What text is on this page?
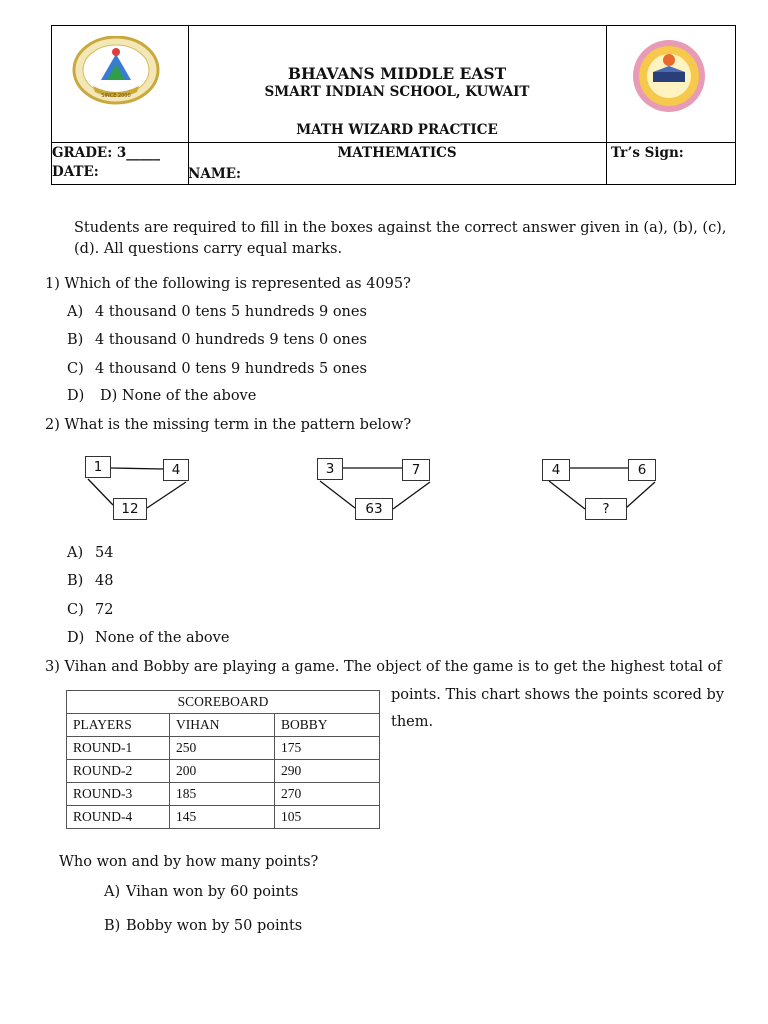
SINCE 2000
BHAVANS MIDDLE EAST
SMART INDIAN SCHOOL, KUWAIT
MATH WIZARD PRACTICE
MATHEMATICS
GRADE: 3_____
DATE:	NAME:
Tr’s Sign:
Students are required to fill in the boxes against the correct answer given in (a), (b), (c),
(d). All questions carry equal marks.
1) Which of the following is represented as 4095?
A) 4 thousand 0 tens 5 hundreds 9 ones
B) 4 thousand 0 hundreds 9 tens 0 ones
C) 4 thousand 0 tens 9 hundreds 5 ones
D) D) None of the above
2) What is the missing term in the pattern below?
1	4
12
3	7
63
4	6
?
A) 54
B) 48
C) 72
D) None of the above
3) Vihan and Bobby are playing a game. The object of the game is to get the highest total of
points. This chart shows the points scored by
them.
SCOREBOARD		
PLAYERS	VIHAN	BOBBY
ROUND-1	250	175
ROUND-2	200	290
ROUND-3	185	270
ROUND-4	145	105
Who won and by how many points?
A) Vihan won by 60 points
B) Bobby won by 50 points
